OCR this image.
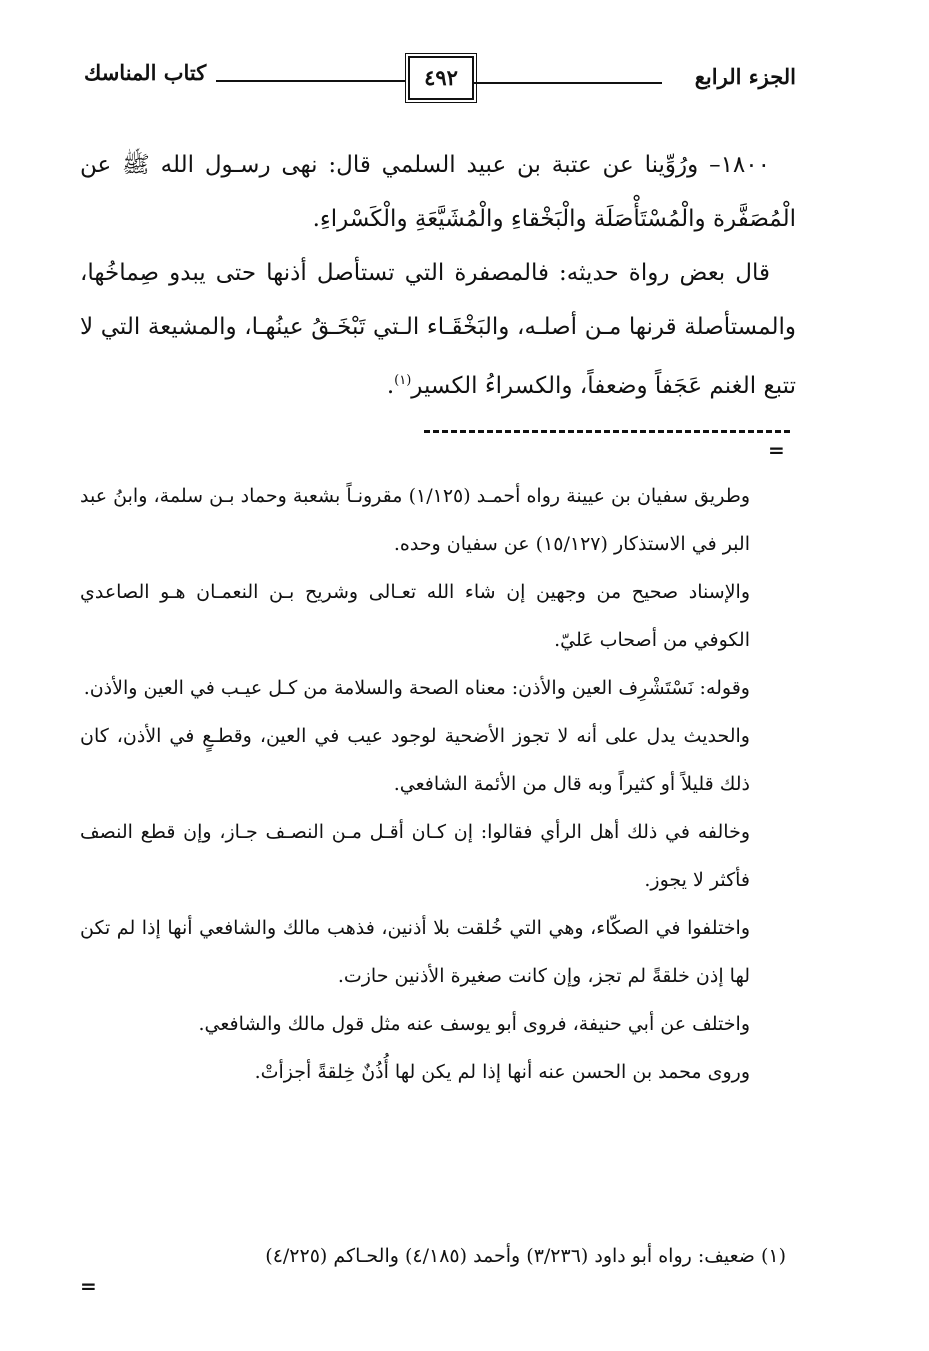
الجزء الرابع
٤٩٢
كتاب المناسك

١٨٠٠– ورُوِّينا عن عتبة بن عبيد السلمي قال: نهى رسـول الله ﷺ عن الْمُصَفَّرة والْمُسْتَأْصَلَة والْبَخْقاءِ والْمُشَيَّعَةِ والْكَسْراءِ.

قال بعض رواة حديثه: فالمصفرة التي تستأصل أذنها حتى يبدو صِماخُها، والمستأصلة قرنها مـن أصلـه، والبَخْقَـاء الـتي تَبْخَـقُ عينُهـا، والمشيعة التي لا تتبع الغنم عَجَفاً وضعفاً، والكسراءُ الكسير$^{(١)}$.

=

وطريق سفيان بن عيينة رواه أحمـد (١/١٢٥) مقرونـاً بشعبة وحماد بـن سلمة، وابنُ عبد البر في الاستذكار (١٥/١٢٧) عن سفيان وحده.

والإسناد صحيح من وجهين إن شاء الله تعـالى وشريح بـن النعمـان هـو الصاعدي الكوفي من أصحاب عَليّ.

وقوله: نَسْتَشْرِف العين والأذن: معناه الصحة والسلامة من كـل عيـب في العين والأذن.

والحديث يدل على أنه لا تجوز الأضحية لوجود عيب في العين، وقطـعٍ في الأذن، كان ذلك قليلاً أو كثيراً وبه قال من الأئمة الشافعي.

وخالفه في ذلك أهل الرأي فقالوا: إن كـان أقـل مـن النصـف جـاز، وإن قطع النصف فأكثر لا يجوز.

واختلفوا في الصكّاء، وهي التي خُلقت بلا أذنين، فذهب مالك والشافعي أنها إذا لم تكن لها إذن خلقةً لم تجز، وإن كانت صغيرة الأذنين حازت.

واختلف عن أبي حنيفة، فروى أبو يوسف عنه مثل قول مالك والشافعي.

وروى محمد بن الحسن عنه أنها إذا لم يكن لها أُذُنٌ خِلقةً أجزأتْ.

(١)ضعيف: رواه أبو داود (٣/٢٣٦) وأحمد (٤/١٨٥) والحـاكم (٤/٢٢٥)
=
